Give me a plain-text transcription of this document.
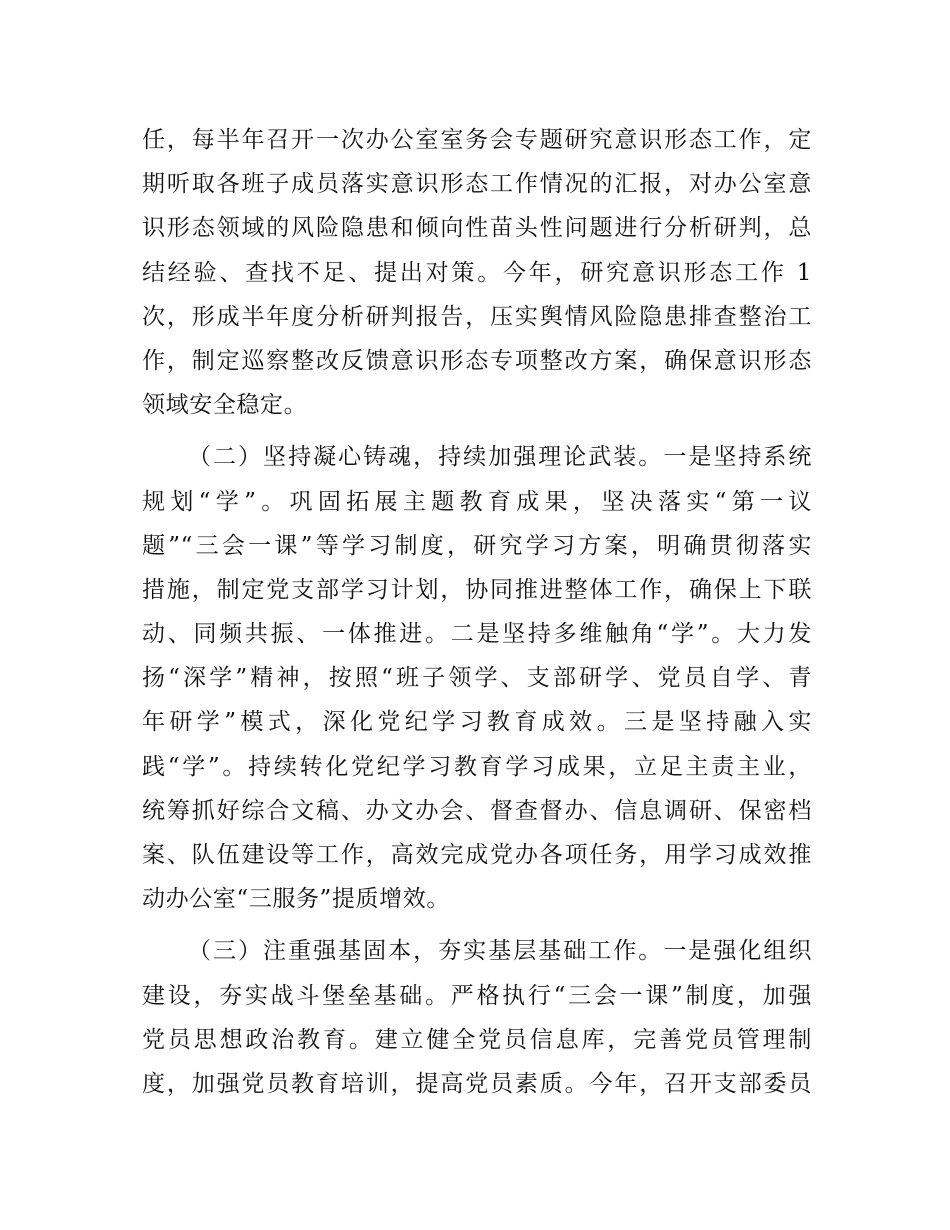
任，每半年召开一次办公室室务会专题研究意识形态工作，定
期听取各班子成员落实意识形态工作情况的汇报，对办公室意
识形态领域的风险隐患和倾向性苗头性问题进行分析研判，总
结经验、查找不足、提出对策。今年，研究意识形态工作 1
次，形成半年度分析研判报告，压实舆情风险隐患排查整治工
作，制定巡察整改反馈意识形态专项整改方案，确保意识形态
领域安全稳定。
（二）坚持凝心铸魂，持续加强理论武装。一是坚持系统
规划“学”。巩固拓展主题教育成果，坚决落实“第一议
题”“三会一课”等学习制度，研究学习方案，明确贯彻落实
措施，制定党支部学习计划，协同推进整体工作，确保上下联
动、同频共振、一体推进。二是坚持多维触角“学”。大力发
扬“深学”精神，按照“班子领学、支部研学、党员自学、青
年研学”模式，深化党纪学习教育成效。三是坚持融入实
践“学”。持续转化党纪学习教育学习成果，立足主责主业，
统筹抓好综合文稿、办文办会、督查督办、信息调研、保密档
案、队伍建设等工作，高效完成党办各项任务，用学习成效推
动办公室“三服务”提质增效。
（三）注重强基固本，夯实基层基础工作。一是强化组织
建设，夯实战斗堡垒基础。严格执行“三会一课”制度，加强
党员思想政治教育。建立健全党员信息库，完善党员管理制
度，加强党员教育培训，提高党员素质。今年，召开支部委员
